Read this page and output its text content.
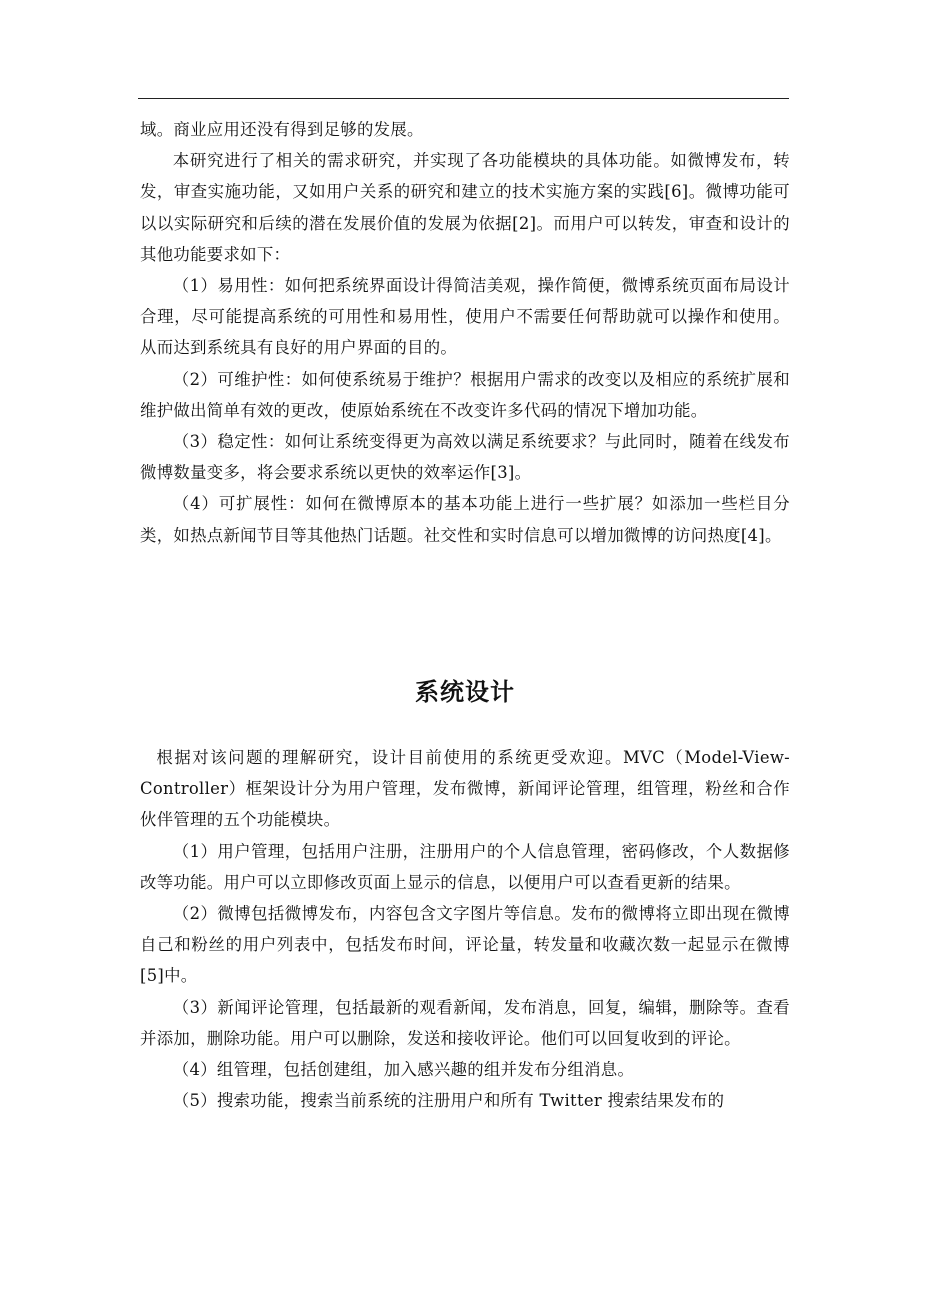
域。商业应用还没有得到足够的发展。

本研究进行了相关的需求研究，并实现了各功能模块的具体功能。如微博发布，转发，审查实施功能，又如用户关系的研究和建立的技术实施方案的实践[6]。微博功能可以以实际研究和后续的潜在发展价值的发展为依据[2]。而用户可以转发，审查和设计的其他功能要求如下：

（1）易用性：如何把系统界面设计得简洁美观，操作简便，微博系统页面布局设计合理，尽可能提高系统的可用性和易用性，使用户不需要任何帮助就可以操作和使用。从而达到系统具有良好的用户界面的目的。

（2）可维护性：如何使系统易于维护？根据用户需求的改变以及相应的系统扩展和维护做出简单有效的更改，使原始系统在不改变许多代码的情况下增加功能。

（3）稳定性：如何让系统变得更为高效以满足系统要求？与此同时，随着在线发布微博数量变多，将会要求系统以更快的效率运作[3]。

（4）可扩展性：如何在微博原本的基本功能上进行一些扩展？如添加一些栏目分类，如热点新闻节目等其他热门话题。社交性和实时信息可以增加微博的访问热度[4]。

系统设计

根据对该问题的理解研究，设计目前使用的系统更受欢迎。MVC（Model-View-Controller）框架设计分为用户管理，发布微博，新闻评论管理，组管理，粉丝和合作伙伴管理的五个功能模块。

（1）用户管理，包括用户注册，注册用户的个人信息管理，密码修改，个人数据修改等功能。用户可以立即修改页面上显示的信息，以便用户可以查看更新的结果。

（2）微博包括微博发布，内容包含文字图片等信息。发布的微博将立即出现在微博自己和粉丝的用户列表中，包括发布时间，评论量，转发量和收藏次数一起显示在微博[5]中。

（3）新闻评论管理，包括最新的观看新闻，发布消息，回复，编辑，删除等。查看并添加，删除功能。用户可以删除，发送和接收评论。他们可以回复收到的评论。

（4）组管理，包括创建组，加入感兴趣的组并发布分组消息。

（5）搜索功能，搜索当前系统的注册用户和所有 Twitter 搜索结果发布的
